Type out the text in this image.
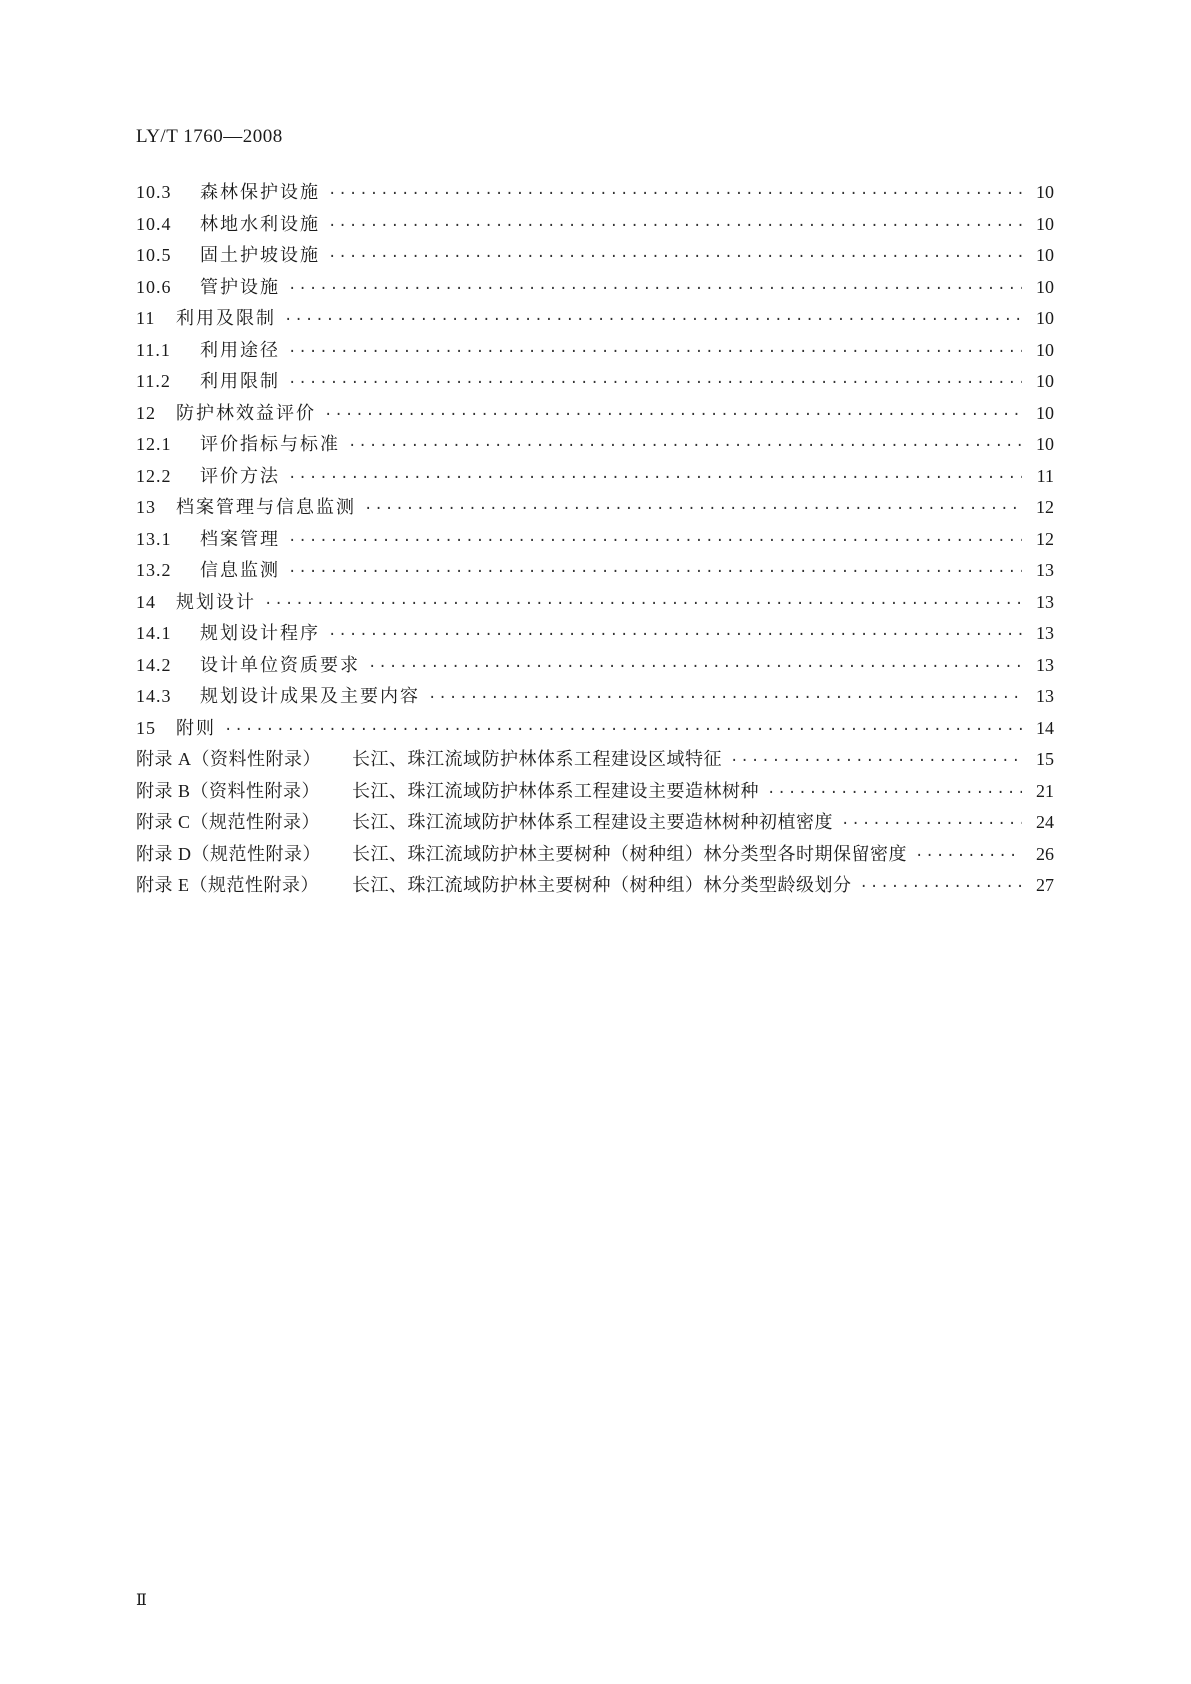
LY/T 1760—2008
10.3	森林保护设施 ·····	10
10.4	林地水利设施 ·····	10
10.5	固土护坡设施 ·····	10
10.6	管护设施 ·····	10
11	利用及限制 ·····	10
11.1	利用途径 ·····	10
11.2	利用限制 ·····	10
12	防护林效益评价 ·····	10
12.1	评价指标与标准 ·····	10
12.2	评价方法 ·····	11
13	档案管理与信息监测 ·····	12
13.1	档案管理 ·····	12
13.2	信息监测 ·····	13
14	规划设计 ·····	13
14.1	规划设计程序 ·····	13
14.2	设计单位资质要求 ·····	13
14.3	规划设计成果及主要内容 ·····	13
15	附则 ·····	14
附录 A（资料性附录）	长江、珠江流域防护林体系工程建设区域特征 ·····	15
附录 B（资料性附录）	长江、珠江流域防护林体系工程建设主要造林树种 ·····	21
附录 C（规范性附录）	长江、珠江流域防护林体系工程建设主要造林树种初植密度 ·····	24
附录 D（规范性附录）	长江、珠江流域防护林主要树种（树种组）林分类型各时期保留密度 ·····	26
附录 E（规范性附录）	长江、珠江流域防护林主要树种（树种组）林分类型龄级划分 ·····	27
Ⅱ
